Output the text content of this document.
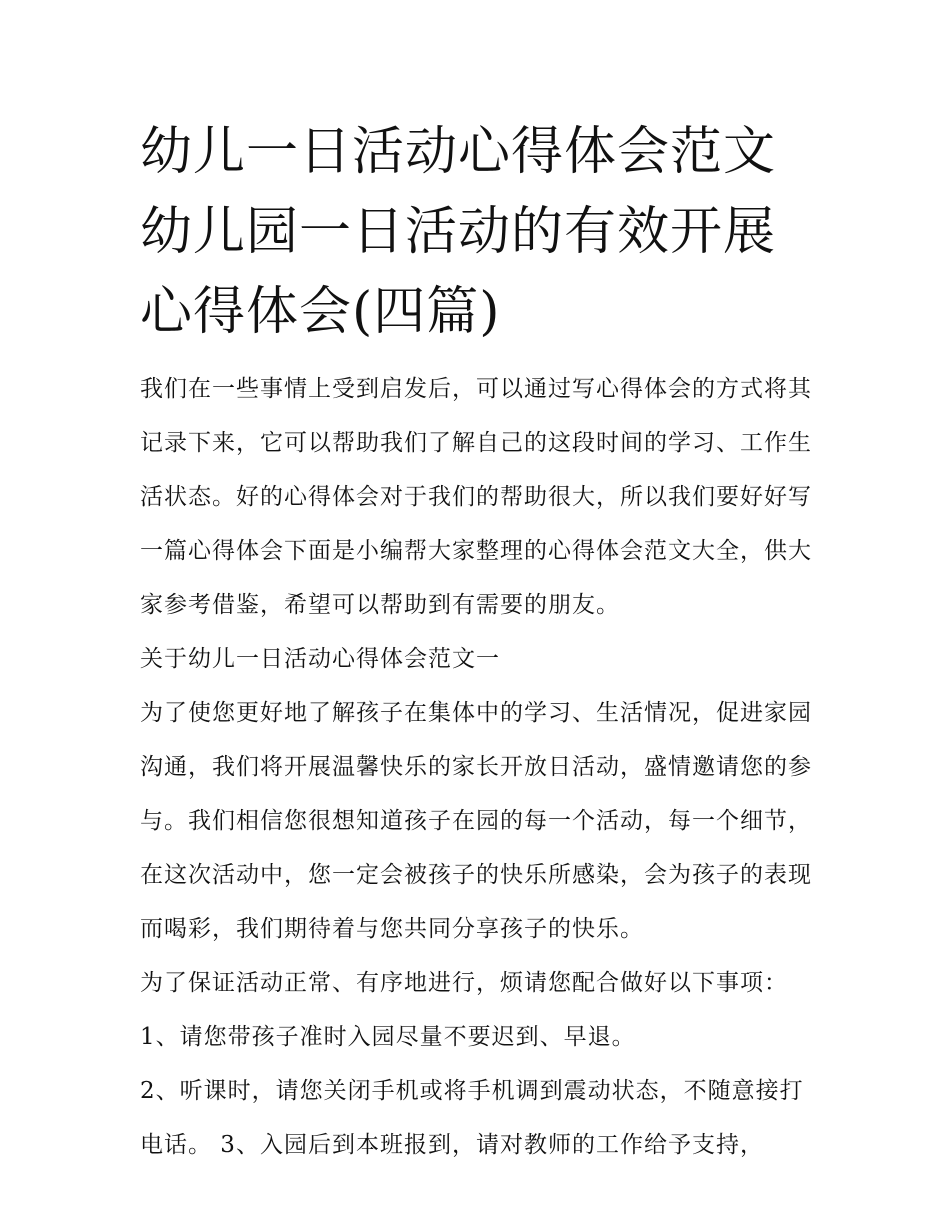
幼儿一日活动心得体会范文 幼儿园一日活动的有效开展心得体会(四篇)

我们在一些事情上受到启发后，可以通过写心得体会的方式将其记录下来，它可以帮助我们了解自己的这段时间的学习、工作生活状态。好的心得体会对于我们的帮助很大，所以我们要好好写一篇心得体会下面是小编帮大家整理的心得体会范文大全，供大家参考借鉴，希望可以帮助到有需要的朋友。

关于幼儿一日活动心得体会范文一

为了使您更好地了解孩子在集体中的学习、生活情况，促进家园沟通，我们将开展温馨快乐的家长开放日活动，盛情邀请您的参与。我们相信您很想知道孩子在园的每一个活动，每一个细节，在这次活动中，您一定会被孩子的快乐所感染，会为孩子的表现而喝彩，我们期待着与您共同分享孩子的快乐。

为了保证活动正常、有序地进行，烦请您配合做好以下事项：

1、请您带孩子准时入园尽量不要迟到、早退。

2、听课时，请您关闭手机或将手机调到震动状态，不随意接打电话。 3、入园后到本班报到，请对教师的工作给予支持，
